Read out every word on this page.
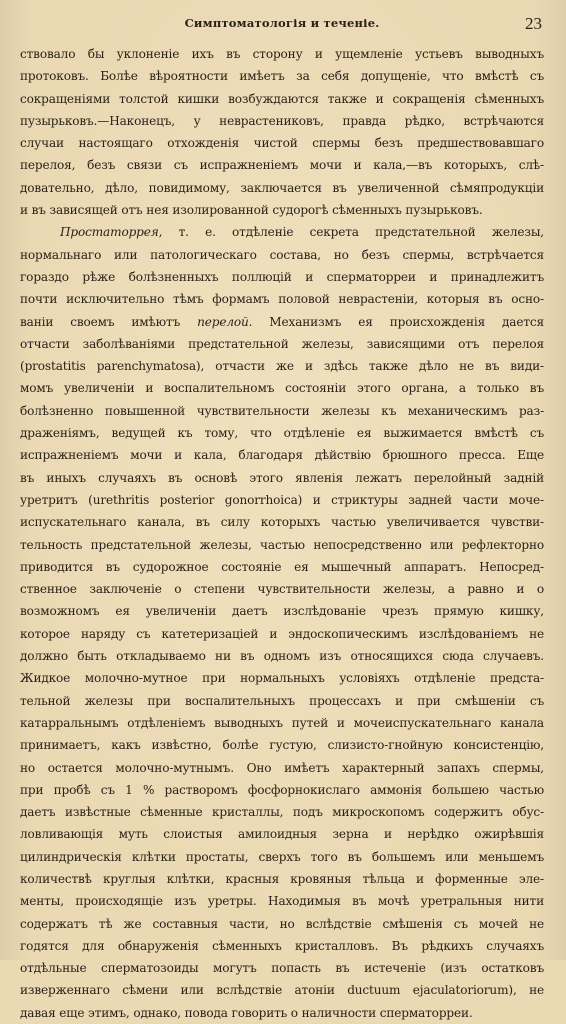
Симптоматологія и теченіе.	23
ствовало бы уклоненіе ихъ въ сторону и ущемленіе устьевъ выводныхъ
протоковъ. Болѣе вѣроятности имѣетъ за себя допущеніе, что вмѣстѣ съ
сокращеніями толстой кишки возбуждаются также и сокращенія сѣменныхъ
пузырьковъ.—Наконецъ, у неврастениковъ, правда рѣдко, встрѣчаются
случаи настоящаго отхожденія чистой спермы безъ предшествовавшаго
перелоя, безъ связи съ испражненіемъ мочи и кала,—въ которыхъ, слѣ-
довательно, дѣло, повидимому, заключается въ увеличенной сѣмяпродукціи
и въ зависящей отъ нея изолированной судорогѣ сѣменныхъ пузырьковъ.
Простаторрея, т. е. отдѣленіе секрета предстательной железы,
нормальнаго или патологическаго состава, но безъ спермы, встрѣчается
гораздо рѣже болѣзненныхъ поллюцій и сперматорреи и принадлежитъ
почти исключительно тѣмъ формамъ половой неврастеніи, которыя въ осно-
ваніи своемъ имѣютъ перелой. Механизмъ ея происхожденія дается
отчасти заболѣваніями предстательной железы, зависящими отъ перелоя
(prostatitis parenchymatosa), отчасти же и здѣсь также дѣло не въ види-
момъ увеличеніи и воспалительномъ состояніи этого органа, а только въ
болѣзненно повышенной чувствительности железы къ механическимъ раз-
драженіямъ, ведущей къ тому, что отдѣленіе ея выжимается вмѣстѣ съ
испражненіемъ мочи и кала, благодаря дѣйствію брюшного пресса. Еще
въ иныхъ случаяхъ въ основѣ этого явленія лежатъ перелойный задній
уретритъ (urethritis posterior gonorrhoica) и стриктуры задней части моче-
испускательнаго канала, въ силу которыхъ частью увеличивается чувстви-
тельность предстательной железы, частью непосредственно или рефлекторно
приводится въ судорожное состояніе ея мышечный аппаратъ. Непосред-
ственное заключеніе о степени чувствительности железы, а равно и о
возможномъ ея увеличеніи даетъ изслѣдованіе чрезъ прямую кишку,
которое наряду съ катетеризаціей и эндоскопическимъ изслѣдованіемъ не
должно быть откладываемо ни въ одномъ изъ относящихся сюда случаевъ.
Жидкое молочно-мутное при нормальныхъ условіяхъ отдѣленіе предста-
тельной железы при воспалительныхъ процессахъ и при смѣшеніи съ
катарральнымъ отдѣленіемъ выводныхъ путей и мочеиспускательнаго канала
принимаетъ, какъ извѣстно, болѣе густую, слизисто-гнойную консистенцію,
но остается молочно-мутнымъ. Оно имѣетъ характерный запахъ спермы,
при пробѣ съ 1 % растворомъ фосфорнокислаго аммонія большею частью
даетъ извѣстные сѣменные кристаллы, подъ микроскопомъ содержитъ обус-
ловливающія муть слоистыя амилоидныя зерна и нерѣдко ожирѣвшія
цилиндрическія клѣтки простаты, сверхъ того въ большемъ или меньшемъ
количествѣ круглыя клѣтки, красныя кровяныя тѣльца и форменные эле-
менты, происходящіе изъ уретры. Находимыя въ мочѣ уретральныя нити
содержатъ тѣ же составныя части, но вслѣдствіе смѣшенія съ мочей не
годятся для обнаруженія сѣменныхъ кристалловъ. Въ рѣдкихъ случаяхъ
отдѣльные сперматозоиды могутъ попасть въ истеченіе (изъ остатковъ
изверженнаго сѣмени или вслѣдствіе атоніи ductuum ejaculatoriorum), не
давая еще этимъ, однако, повода говорить о наличности сперматорреи.
